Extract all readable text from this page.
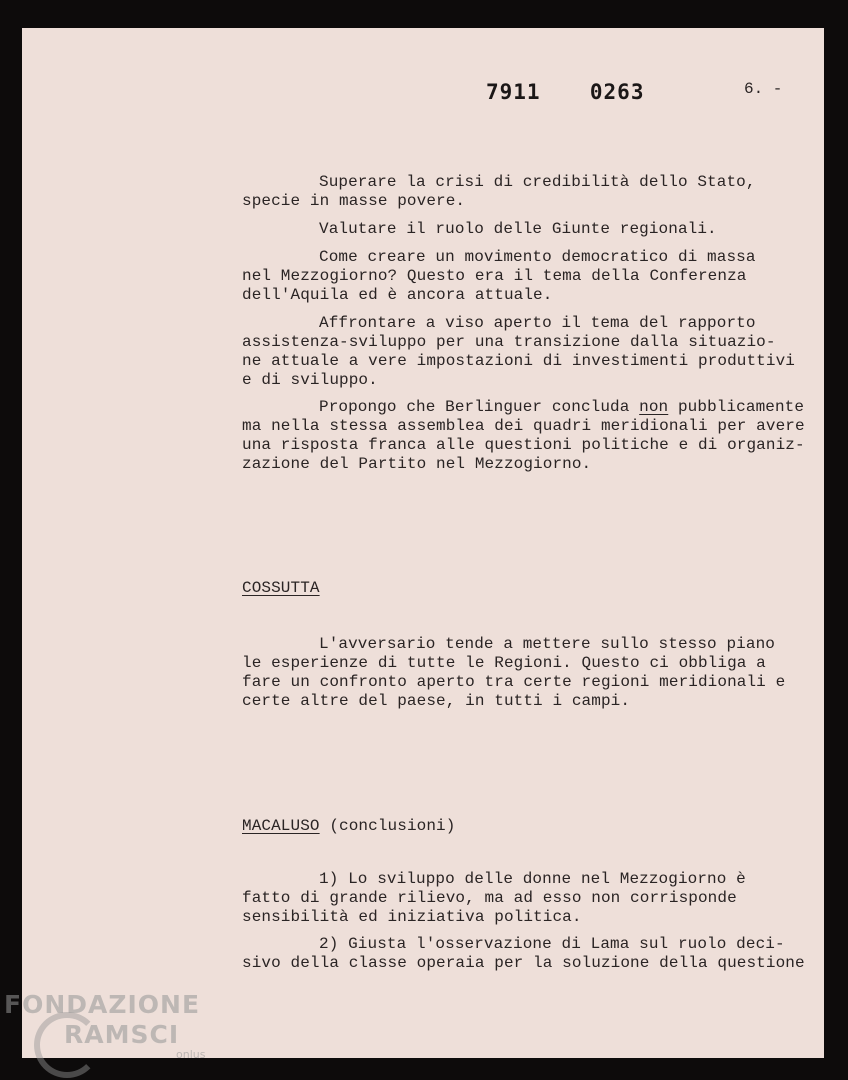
7911 0263	6. -
Superare la crisi di credibilità dello Stato,
specie in masse povere.
Valutare il ruolo delle Giunte regionali.
Come creare un movimento democratico di massa
nel Mezzogiorno? Questo era il tema della Conferenza
dell'Aquila ed è ancora attuale.
Affrontare a viso aperto il tema del rapporto
assistenza-sviluppo per una transizione dalla situazio-
ne attuale a vere impostazioni di investimenti produttivi
e di sviluppo.
Propongo che Berlinguer concluda non pubblicamente
ma nella stessa assemblea dei quadri meridionali per avere
una risposta franca alle questioni politiche e di organiz-
zazione del Partito nel Mezzogiorno.
COSSUTTA
L'avversario tende a mettere sullo stesso piano
le esperienze di tutte le Regioni. Questo ci obbliga a
fare un confronto aperto tra certe regioni meridionali e
certe altre del paese, in tutti i campi.
MACALUSO (conclusioni)
1) Lo sviluppo delle donne nel Mezzogiorno è
fatto di grande rilievo, ma ad esso non corrisponde
sensibilità ed iniziativa politica.
2) Giusta l'osservazione di Lama sul ruolo deci-
sivo della classe operaia per la soluzione della questione
FONDAZIONE
RAMSCI
onlus
